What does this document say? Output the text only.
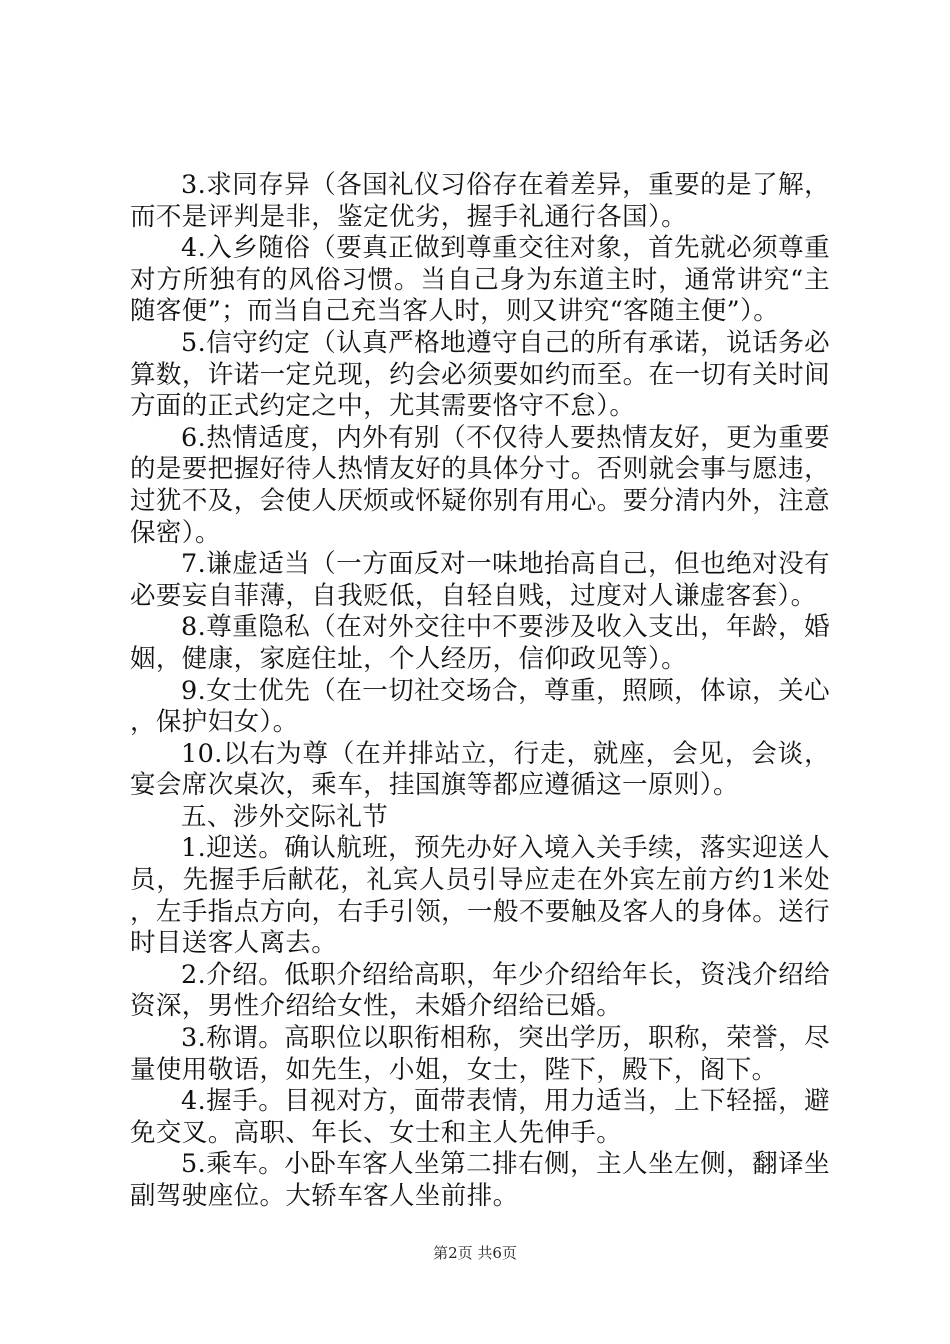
3.求同存异（各国礼仪习俗存在着差异，重要的是了解，而不是评判是非，鉴定优劣，握手礼通行各国）。

4.入乡随俗（要真正做到尊重交往对象，首先就必须尊重对方所独有的风俗习惯。当自己身为东道主时，通常讲究“主随客便”；而当自己充当客人时，则又讲究“客随主便”）。

5.信守约定（认真严格地遵守自己的所有承诺，说话务必算数，许诺一定兑现，约会必须要如约而至。在一切有关时间方面的正式约定之中，尤其需要恪守不怠）。

6.热情适度，内外有别（不仅待人要热情友好，更为重要的是要把握好待人热情友好的具体分寸。否则就会事与愿违，过犹不及，会使人厌烦或怀疑你别有用心。要分清内外，注意保密）。

7.谦虚适当（一方面反对一味地抬高自己，但也绝对没有必要妄自菲薄，自我贬低，自轻自贱，过度对人谦虚客套）。

8.尊重隐私（在对外交往中不要涉及收入支出，年龄，婚姻，健康，家庭住址，个人经历，信仰政见等）。

9.女士优先（在一切社交场合，尊重，照顾，体谅，关心，保护妇女）。

10.以右为尊（在并排站立，行走，就座，会见，会谈，宴会席次桌次，乘车，挂国旗等都应遵循这一原则）。

五、涉外交际礼节

1.迎送。确认航班，预先办好入境入关手续，落实迎送人员，先握手后献花，礼宾人员引导应走在外宾左前方约1米处，左手指点方向，右手引领，一般不要触及客人的身体。送行时目送客人离去。

2.介绍。低职介绍给高职，年少介绍给年长，资浅介绍给资深，男性介绍给女性，未婚介绍给已婚。

3.称谓。高职位以职衔相称，突出学历，职称，荣誉，尽量使用敬语，如先生，小姐，女士，陛下，殿下，阁下。

4.握手。目视对方，面带表情，用力适当，上下轻摇，避免交叉。高职、年长、女士和主人先伸手。

5.乘车。小卧车客人坐第二排右侧，主人坐左侧，翻译坐副驾驶座位。大轿车客人坐前排。

第2页 共6页
